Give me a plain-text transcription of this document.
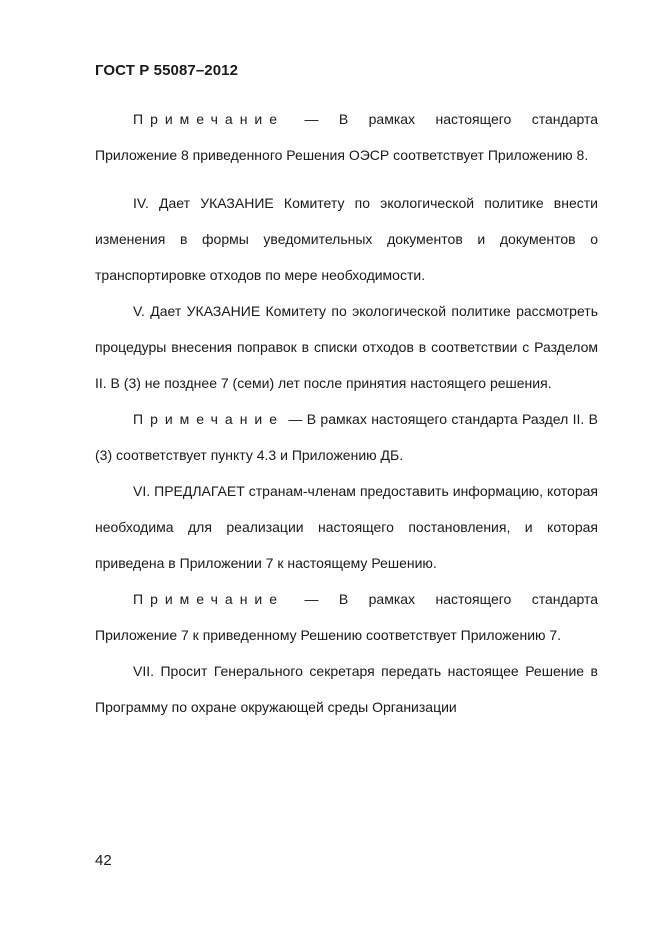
ГОСТ Р 55087–2012

Примечание — В рамках настоящего стандарта Приложение 8 приведенного Решения ОЭСР соответствует Приложению 8.

IV. Дает УКАЗАНИЕ Комитету по экологической политике внести изменения в формы уведомительных документов и документов о транспортировке отходов по мере необходимости.

V. Дает УКАЗАНИЕ Комитету по экологической политике рассмотреть процедуры внесения поправок в списки отходов в соответствии с Разделом II. В (3) не позднее 7 (семи) лет после принятия настоящего решения.

Примечание — В рамках настоящего стандарта Раздел II. В (3) соответствует пункту 4.3 и Приложению ДБ.

VI. ПРЕДЛАГАЕТ странам-членам предоставить информацию, которая необходима для реализации настоящего постановления, и которая приведена в Приложении 7 к настоящему Решению.

Примечание — В рамках настоящего стандарта Приложение 7 к приведенному Решению соответствует Приложению 7.

VII. Просит Генерального секретаря передать настоящее Решение в Программу по охране окружающей среды Организации

42
